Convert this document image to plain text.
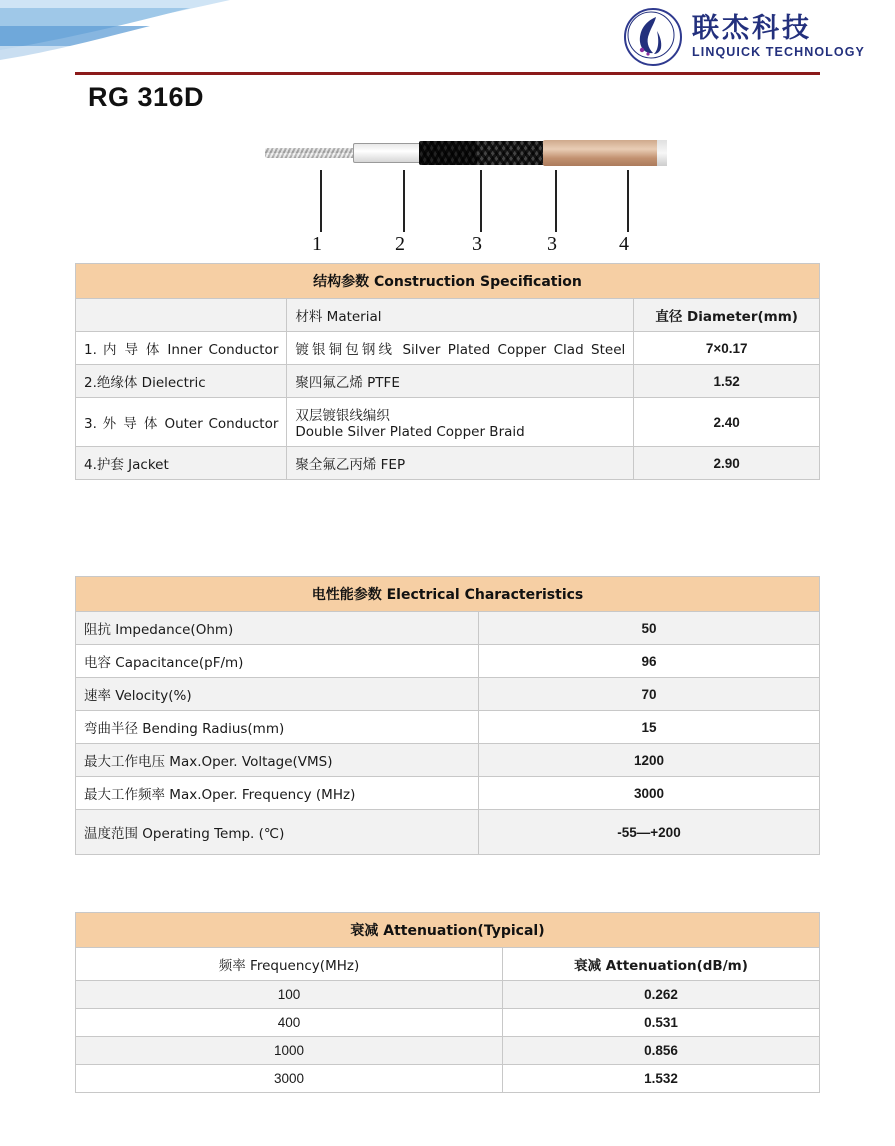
联杰科技
LINQUICK TECHNOLOGY
RG 316D
1	2	3	3	4
结构参数 Construction Specification		
	材料 Material	直径 Diameter(mm)
1. 内 导 体 Inner Conductor	镀银铜包钢线 Silver Plated Copper Clad Steel	7×0.17
2.绝缘体 Dielectric	聚四氟乙烯 PTFE	1.52
3. 外 导 体 Outer Conductor	双层镀银线编织
Double Silver Plated Copper Braid	2.40
4.护套 Jacket	聚全氟乙丙烯 FEP	2.90
电性能参数 Electrical Characteristics	
阻抗 Impedance(Ohm)	50
电容 Capacitance(pF/m)	96
速率 Velocity(%)	70
弯曲半径 Bending Radius(mm)	15
最大工作电压 Max.Oper. Voltage(VMS)	1200
最大工作频率 Max.Oper. Frequency (MHz)	3000
温度范围 Operating Temp. (℃)	-55—+200
衰减 Attenuation(Typical)	
频率 Frequency(MHz)	衰减 Attenuation(dB/m)
100	0.262
400	0.531
1000	0.856
3000	1.532
